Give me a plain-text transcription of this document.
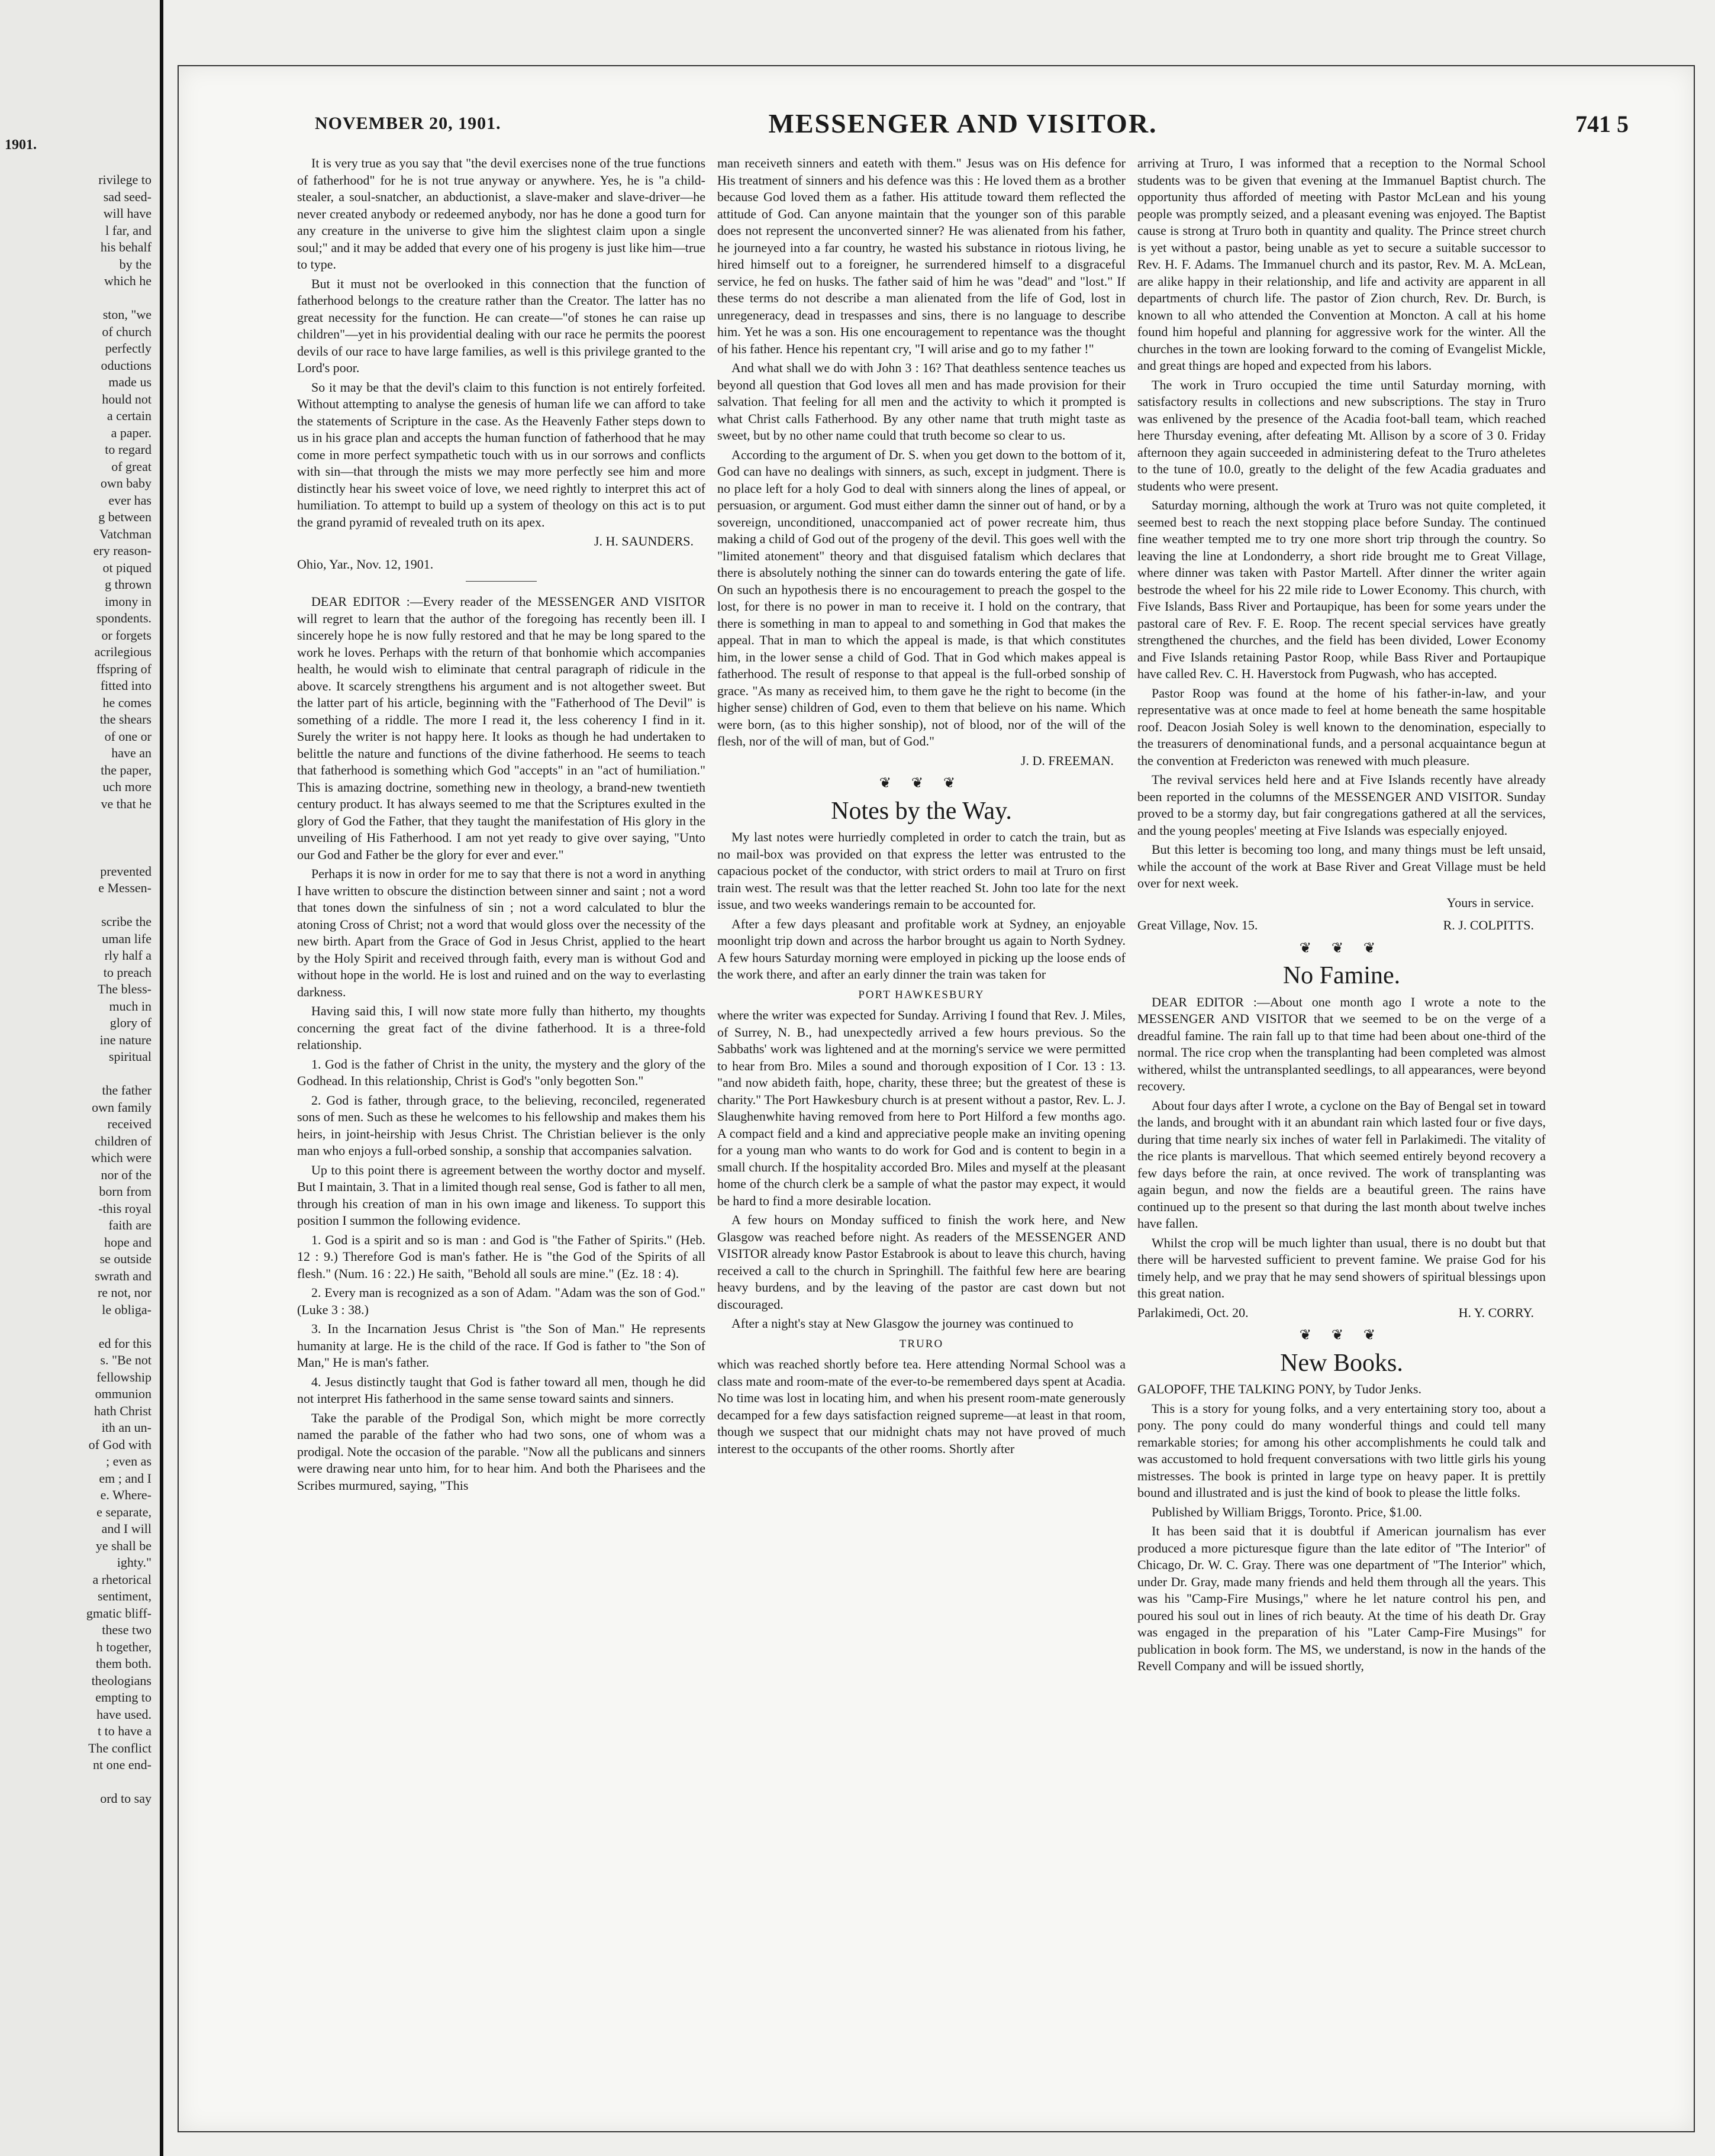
rivilege to
sad seed-
will have
l far, and
his behalf
by the
which he

ston, "we
of church
perfectly
oductions
made us
hould not
a certain
a paper.
to regard
of great
own baby
ever has
g between
Vatchman
ery reason-
ot piqued
g thrown
imony in
spondents.
or forgets
acrilegious
ffspring of
fitted into
he comes
the shears
of one or
have an
the paper,
uch more
ve that he

prevented
e Messen-

scribe the
uman life
rly half a
to preach
The bless-
much in
glory of
ine nature
spiritual

the father
own family
received
children of
which were
nor of the
born from
-this royal
faith are
hope and
se outside
swrath and
re not, nor
le obliga-

ed for this
s. "Be not
fellowship
ommunion
hath Christ
ith an un-
of God with
; even as
em ; and I
e. Where-
e separate,
and I will
ye shall be
ighty."
a rhetorical
sentiment,
gmatic bliff-
these two
h together,
them both.
theologians
empting to
have used.
t to have a
The conflict
nt one end-

ord to say
1901.
NOVEMBER 20, 1901.	MESSENGER AND VISITOR.	741 5

It is very true as you say that "the devil exercises none of the true functions of fatherhood" for he is not true anyway or anywhere. Yes, he is "a child-stealer, a soul-snatcher, an abductionist, a slave-maker and slave-driver—he never created anybody or redeemed anybody, nor has he done a good turn for any creature in the universe to give him the slightest claim upon a single soul;" and it may be added that every one of his progeny is just like him—true to type.

But it must not be overlooked in this connection that the function of fatherhood belongs to the creature rather than the Creator. The latter has no great necessity for the function. He can create—"of stones he can raise up children"—yet in his providential dealing with our race he permits the poorest devils of our race to have large families, as well is this privilege granted to the Lord's poor.

So it may be that the devil's claim to this function is not entirely forfeited. Without attempting to analyse the genesis of human life we can afford to take the statements of Scripture in the case. As the Heavenly Father steps down to us in his grace plan and accepts the human function of fatherhood that he may come in more perfect sympathetic touch with us in our sorrows and conflicts with sin—that through the mists we may more perfectly see him and more distinctly hear his sweet voice of love, we need rightly to interpret this act of humiliation. To attempt to build up a system of theology on this act is to put the grand pyramid of revealed truth on its apex.

J. H. SAUNDERS.
Ohio, Yar., Nov. 12, 1901.

DEAR EDITOR :—Every reader of the MESSENGER AND VISITOR will regret to learn that the author of the foregoing has recently been ill. I sincerely hope he is now fully restored and that he may be long spared to the work he loves. Perhaps with the return of that bonhomie which accompanies health, he would wish to eliminate that central paragraph of ridicule in the above. It scarcely strengthens his argument and is not altogether sweet. But the latter part of his article, beginning with the "Fatherhood of The Devil" is something of a riddle. The more I read it, the less coherency I find in it. Surely the writer is not happy here. It looks as though he had undertaken to belittle the nature and functions of the divine fatherhood. He seems to teach that fatherhood is something which God "accepts" in an "act of humiliation." This is amazing doctrine, something new in theology, a brand-new twentieth century product. It has always seemed to me that the Scriptures exulted in the glory of God the Father, that they taught the manifestation of His glory in the unveiling of His Fatherhood. I am not yet ready to give over saying, "Unto our God and Father be the glory for ever and ever."

Perhaps it is now in order for me to say that there is not a word in anything I have written to obscure the distinction between sinner and saint ; not a word that tones down the sinfulness of sin ; not a word calculated to blur the atoning Cross of Christ; not a word that would gloss over the necessity of the new birth. Apart from the Grace of God in Jesus Christ, applied to the heart by the Holy Spirit and received through faith, every man is without God and without hope in the world. He is lost and ruined and on the way to everlasting darkness.

Having said this, I will now state more fully than hitherto, my thoughts concerning the great fact of the divine fatherhood. It is a three-fold relationship.

1. God is the father of Christ in the unity, the mystery and the glory of the Godhead. In this relationship, Christ is God's "only begotten Son."

2. God is father, through grace, to the believing, reconciled, regenerated sons of men. Such as these he welcomes to his fellowship and makes them his heirs, in joint-heirship with Jesus Christ. The Christian believer is the only man who enjoys a full-orbed sonship, a sonship that accompanies salvation.

Up to this point there is agreement between the worthy doctor and myself. But I maintain, 3. That in a limited though real sense, God is father to all men, through his creation of man in his own image and likeness. To support this position I summon the following evidence.

1. God is a spirit and so is man : and God is "the Father of Spirits." (Heb. 12 : 9.) Therefore God is man's father. He is "the God of the Spirits of all flesh." (Num. 16 : 22.) He saith, "Behold all souls are mine." (Ez. 18 : 4).

2. Every man is recognized as a son of Adam. "Adam was the son of God." (Luke 3 : 38.)

3. In the Incarnation Jesus Christ is "the Son of Man." He represents humanity at large. He is the child of the race. If God is father to "the Son of Man," He is man's father.

4. Jesus distinctly taught that God is father toward all men, though he did not interpret His fatherhood in the same sense toward saints and sinners.

Take the parable of the Prodigal Son, which might be more correctly named the parable of the father who had two sons, one of whom was a prodigal. Note the occasion of the parable. "Now all the publicans and sinners were drawing near unto him, for to hear him. And both the Pharisees and the Scribes murmured, saying, "This

man receiveth sinners and eateth with them." Jesus was on His defence for His treatment of sinners and his defence was this : He loved them as a brother because God loved them as a father. His attitude toward them reflected the attitude of God. Can anyone maintain that the younger son of this parable does not represent the unconverted sinner? He was alienated from his father, he journeyed into a far country, he wasted his substance in riotous living, he hired himself out to a foreigner, he surrendered himself to a disgraceful service, he fed on husks. The father said of him he was "dead" and "lost." If these terms do not describe a man alienated from the life of God, lost in unregeneracy, dead in trespasses and sins, there is no language to describe him. Yet he was a son. His one encouragement to repentance was the thought of his father. Hence his repentant cry, "I will arise and go to my father !"

And what shall we do with John 3 : 16? That deathless sentence teaches us beyond all question that God loves all men and has made provision for their salvation. That feeling for all men and the activity to which it prompted is what Christ calls Fatherhood. By any other name that truth might taste as sweet, but by no other name could that truth become so clear to us.

According to the argument of Dr. S. when you get down to the bottom of it, God can have no dealings with sinners, as such, except in judgment. There is no place left for a holy God to deal with sinners along the lines of appeal, or persuasion, or argument. God must either damn the sinner out of hand, or by a sovereign, unconditioned, unaccompanied act of power recreate him, thus making a child of God out of the progeny of the devil. This goes well with the "limited atonement" theory and that disguised fatalism which declares that there is absolutely nothing the sinner can do towards entering the gate of life. On such an hypothesis there is no encouragement to preach the gospel to the lost, for there is no power in man to receive it. I hold on the contrary, that there is something in man to appeal to and something in God that makes the appeal. That in man to which the appeal is made, is that which constitutes him, in the lower sense a child of God. That in God which makes appeal is fatherhood. The result of response to that appeal is the full-orbed sonship of grace. "As many as received him, to them gave he the right to become (in the higher sense) children of God, even to them that believe on his name. Which were born, (as to this higher sonship), not of blood, nor of the will of the flesh, nor of the will of man, but of God."

J. D. FREEMAN.
❦ ❦ ❦
Notes by the Way.

My last notes were hurriedly completed in order to catch the train, but as no mail-box was provided on that express the letter was entrusted to the capacious pocket of the conductor, with strict orders to mail at Truro on first train west. The result was that the letter reached St. John too late for the next issue, and two weeks wanderings remain to be accounted for.

After a few days pleasant and profitable work at Sydney, an enjoyable moonlight trip down and across the harbor brought us again to North Sydney. A few hours Saturday morning were employed in picking up the loose ends of the work there, and after an early dinner the train was taken for

PORT HAWKESBURY

where the writer was expected for Sunday. Arriving I found that Rev. J. Miles, of Surrey, N. B., had unexpectedly arrived a few hours previous. So the Sabbaths' work was lightened and at the morning's service we were permitted to hear from Bro. Miles a sound and thorough exposition of I Cor. 13 : 13. "and now abideth faith, hope, charity, these three; but the greatest of these is charity." The Port Hawkesbury church is at present without a pastor, Rev. L. J. Slaughenwhite having removed from here to Port Hilford a few months ago. A compact field and a kind and appreciative people make an inviting opening for a young man who wants to do work for God and is content to begin in a small church. If the hospitality accorded Bro. Miles and myself at the pleasant home of the church clerk be a sample of what the pastor may expect, it would be hard to find a more desirable location.

A few hours on Monday sufficed to finish the work here, and New Glasgow was reached before night. As readers of the MESSENGER AND VISITOR already know Pastor Estabrook is about to leave this church, having received a call to the church in Springhill. The faithful few here are bearing heavy burdens, and by the leaving of the pastor are cast down but not discouraged.

After a night's stay at New Glasgow the journey was continued to

TRURO

which was reached shortly before tea. Here attending Normal School was a class mate and room-mate of the ever-to-be remembered days spent at Acadia. No time was lost in locating him, and when his present room-mate generously decamped for a few days satisfaction reigned supreme—at least in that room, though we suspect that our midnight chats may not have proved of much interest to the occupants of the other rooms. Shortly after

arriving at Truro, I was informed that a reception to the Normal School students was to be given that evening at the Immanuel Baptist church. The opportunity thus afforded of meeting with Pastor McLean and his young people was promptly seized, and a pleasant evening was enjoyed. The Baptist cause is strong at Truro both in quantity and quality. The Prince street church is yet without a pastor, being unable as yet to secure a suitable successor to Rev. H. F. Adams. The Immanuel church and its pastor, Rev. M. A. McLean, are alike happy in their relationship, and life and activity are apparent in all departments of church life. The pastor of Zion church, Rev. Dr. Burch, is known to all who attended the Convention at Moncton. A call at his home found him hopeful and planning for aggressive work for the winter. All the churches in the town are looking forward to the coming of Evangelist Mickle, and great things are hoped and expected from his labors.

The work in Truro occupied the time until Saturday morning, with satisfactory results in collections and new subscriptions. The stay in Truro was enlivened by the presence of the Acadia foot-ball team, which reached here Thursday evening, after defeating Mt. Allison by a score of 3 0. Friday afternoon they again succeeded in administering defeat to the Truro atheletes to the tune of 10.0, greatly to the delight of the few Acadia graduates and students who were present.

Saturday morning, although the work at Truro was not quite completed, it seemed best to reach the next stopping place before Sunday. The continued fine weather tempted me to try one more short trip through the country. So leaving the line at Londonderry, a short ride brought me to Great Village, where dinner was taken with Pastor Martell. After dinner the writer again bestrode the wheel for his 22 mile ride to Lower Economy. This church, with Five Islands, Bass River and Portaupique, has been for some years under the pastoral care of Rev. F. E. Roop. The recent special services have greatly strengthened the churches, and the field has been divided, Lower Economy and Five Islands retaining Pastor Roop, while Bass River and Portaupique have called Rev. C. H. Haverstock from Pugwash, who has accepted.

Pastor Roop was found at the home of his father-in-law, and your representative was at once made to feel at home beneath the same hospitable roof. Deacon Josiah Soley is well known to the denomination, especially to the treasurers of denominational funds, and a personal acquaintance begun at the convention at Fredericton was renewed with much pleasure.

The revival services held here and at Five Islands recently have already been reported in the columns of the MESSENGER AND VISITOR. Sunday proved to be a stormy day, but fair congregations gathered at all the services, and the young peoples' meeting at Five Islands was especially enjoyed.

But this letter is becoming too long, and many things must be left unsaid, while the account of the work at Base River and Great Village must be held over for next week.

Yours in service.
Great Village, Nov. 15.	R. J. COLPITTS.
❦ ❦ ❦
No Famine.

DEAR EDITOR :—About one month ago I wrote a note to the MESSENGER AND VISITOR that we seemed to be on the verge of a dreadful famine. The rain fall up to that time had been about one-third of the normal. The rice crop when the transplanting had been completed was almost withered, whilst the untransplanted seedlings, to all appearances, were beyond recovery.

About four days after I wrote, a cyclone on the Bay of Bengal set in toward the lands, and brought with it an abundant rain which lasted four or five days, during that time nearly six inches of water fell in Parlakimedi. The vitality of the rice plants is marvellous. That which seemed entirely beyond recovery a few days before the rain, at once revived. The work of transplanting was again begun, and now the fields are a beautiful green. The rains have continued up to the present so that during the last month about twelve inches have fallen.

Whilst the crop will be much lighter than usual, there is no doubt but that there will be harvested sufficient to prevent famine. We praise God for his timely help, and we pray that he may send showers of spiritual blessings upon this great nation.

Parlakimedi, Oct. 20.	H. Y. CORRY.
❦ ❦ ❦
New Books.

GALOPOFF, THE TALKING PONY, by Tudor Jenks.

This is a story for young folks, and a very entertaining story too, about a pony. The pony could do many wonderful things and could tell many remarkable stories; for among his other accomplishments he could talk and was accustomed to hold frequent conversations with two little girls his young mistresses. The book is printed in large type on heavy paper. It is prettily bound and illustrated and is just the kind of book to please the little folks.

Published by William Briggs, Toronto. Price, $1.00.

It has been said that it is doubtful if American journalism has ever produced a more picturesque figure than the late editor of "The Interior" of Chicago, Dr. W. C. Gray. There was one department of "The Interior" which, under Dr. Gray, made many friends and held them through all the years. This was his "Camp-Fire Musings," where he let nature control his pen, and poured his soul out in lines of rich beauty. At the time of his death Dr. Gray was engaged in the preparation of his "Later Camp-Fire Musings" for publication in book form. The MS, we understand, is now in the hands of the Revell Company and will be issued shortly,
